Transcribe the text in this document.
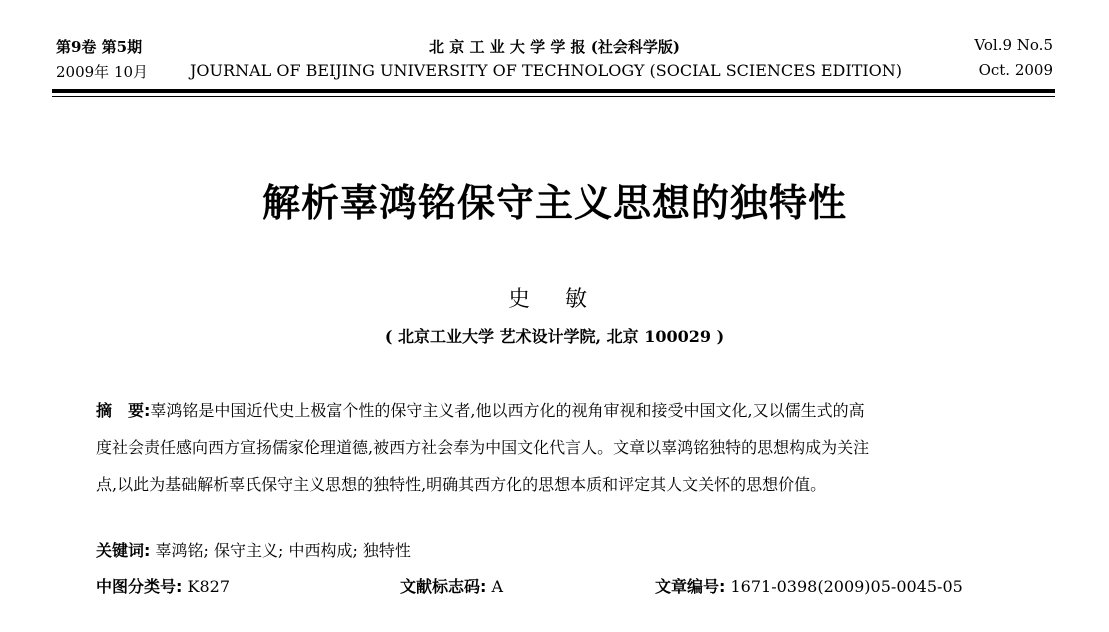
第9卷 第5期
2009年 10月
北 京 工 业 大 学 学 报 (社会科学版)
JOURNAL OF BEIJING UNIVERSITY OF TECHNOLOGY (SOCIAL SCIENCES EDITION)
Vol.9 No.5
Oct. 2009
解析辜鸿铭保守主义思想的独特性
史 敏
( 北京工业大学 艺术设计学院, 北京 100029 )
摘　要:辜鸿铭是中国近代史上极富个性的保守主义者,他以西方化的视角审视和接受中国文化,又以儒生式的高
度社会责任感向西方宣扬儒家伦理道德,被西方社会奉为中国文化代言人。文章以辜鸿铭独特的思想构成为关注
点,以此为基础解析辜氏保守主义思想的独特性,明确其西方化的思想本质和评定其人文关怀的思想价值。
关键词: 辜鸿铭; 保守主义; 中西构成; 独特性
中图分类号: K827	文献标志码: A	文章编号: 1671-0398(2009)05-0045-05
